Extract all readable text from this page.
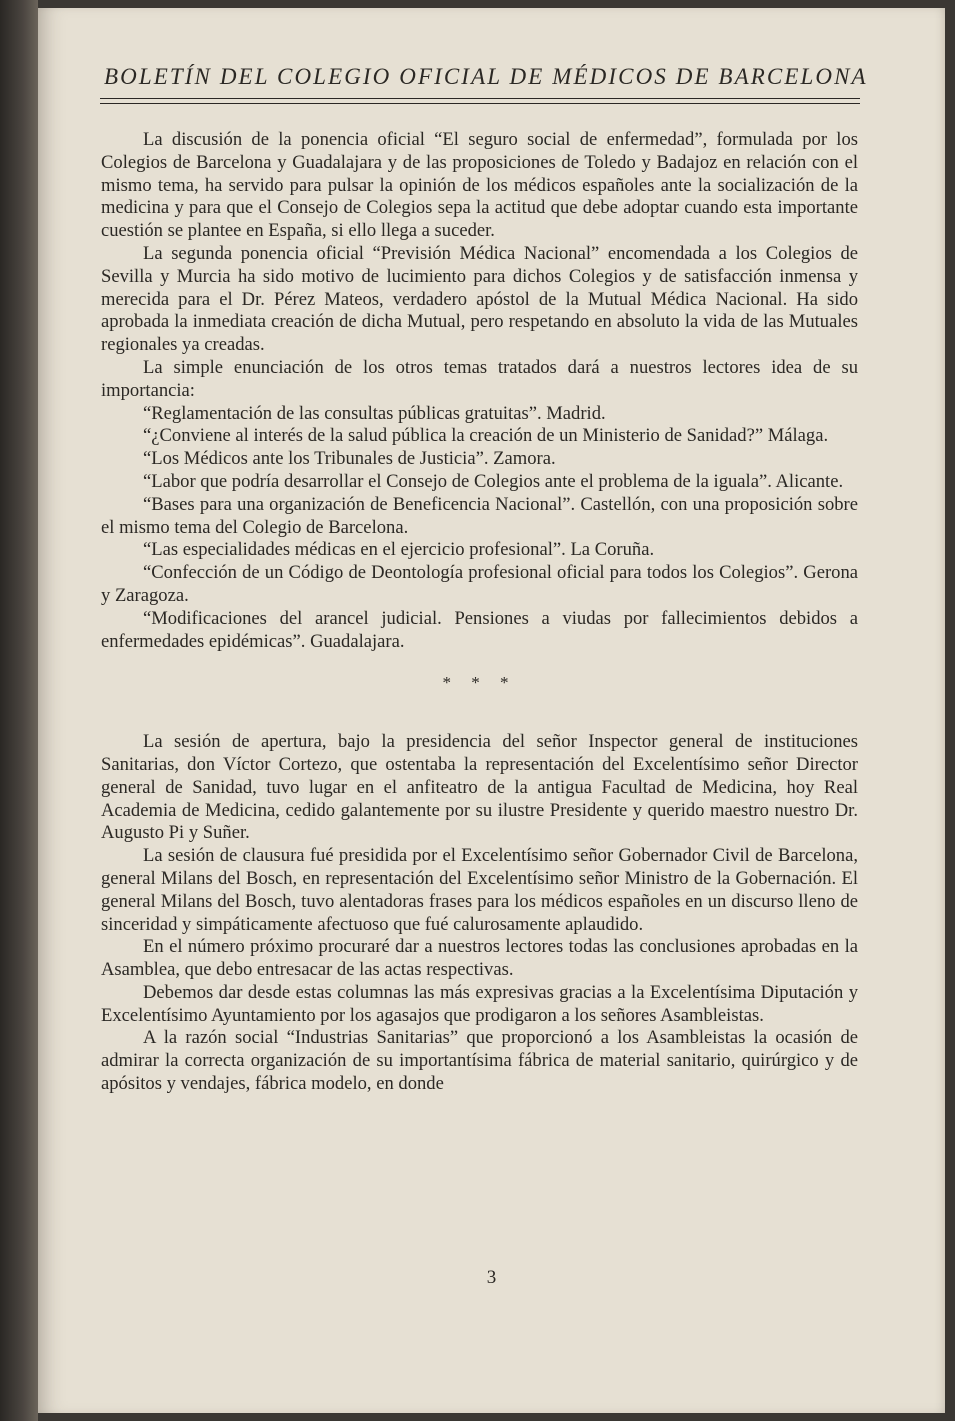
BOLETÍN DEL COLEGIO OFICIAL DE MÉDICOS DE BARCELONA

La discusión de la ponencia oficial “El seguro social de enfermedad”, formulada por los Colegios de Barcelona y Guadalajara y de las proposiciones de Toledo y Badajoz en relación con el mismo tema, ha servido para pulsar la opinión de los médicos españoles ante la socialización de la medicina y para que el Consejo de Colegios sepa la actitud que debe adoptar cuando esta importante cuestión se plantee en España, si ello llega a suceder.

La segunda ponencia oficial “Previsión Médica Nacional” encomendada a los Colegios de Sevilla y Murcia ha sido motivo de lucimiento para dichos Colegios y de satisfacción inmensa y merecida para el Dr. Pérez Mateos, verdadero apóstol de la Mutual Médica Nacional. Ha sido aprobada la inmediata creación de dicha Mutual, pero respetando en absoluto la vida de las Mutuales regionales ya creadas.

La simple enunciación de los otros temas tratados dará a nuestros lectores idea de su importancia:

“Reglamentación de las consultas públicas gratuitas”. Madrid.

“¿Conviene al interés de la salud pública la creación de un Ministerio de Sanidad?” Málaga.

“Los Médicos ante los Tribunales de Justicia”. Zamora.

“Labor que podría desarrollar el Consejo de Colegios ante el problema de la iguala”. Alicante.

“Bases para una organización de Beneficencia Nacional”. Castellón, con una proposición sobre el mismo tema del Colegio de Barcelona.

“Las especialidades médicas en el ejercicio profesional”. La Coruña.

“Confección de un Código de Deontología profesional oficial para todos los Colegios”. Gerona y Zaragoza.

“Modificaciones del arancel judicial. Pensiones a viudas por fallecimientos debidos a enfermedades epidémicas”. Guadalajara.

* * *

La sesión de apertura, bajo la presidencia del señor Inspector general de instituciones Sanitarias, don Víctor Cortezo, que ostentaba la representación del Excelentísimo señor Director general de Sanidad, tuvo lugar en el anfiteatro de la antigua Facultad de Medicina, hoy Real Academia de Medicina, cedido galantemente por su ilustre Presidente y querido maestro nuestro Dr. Augusto Pi y Suñer.

La sesión de clausura fué presidida por el Excelentísimo señor Gobernador Civil de Barcelona, general Milans del Bosch, en representación del Excelentísimo señor Ministro de la Gobernación. El general Milans del Bosch, tuvo alentadoras frases para los médicos españoles en un discurso lleno de sinceridad y simpáticamente afectuoso que fué calurosamente aplaudido.

En el número próximo procuraré dar a nuestros lectores todas las conclusiones aprobadas en la Asamblea, que debo entresacar de las actas respectivas.

Debemos dar desde estas columnas las más expresivas gracias a la Excelentísima Diputación y Excelentísimo Ayuntamiento por los agasajos que prodigaron a los señores Asambleistas.

A la razón social “Industrias Sanitarias” que proporcionó a los Asambleistas la ocasión de admirar la correcta organización de su importantísima fábrica de material sanitario, quirúrgico y de apósitos y vendajes, fábrica modelo, en donde

3
